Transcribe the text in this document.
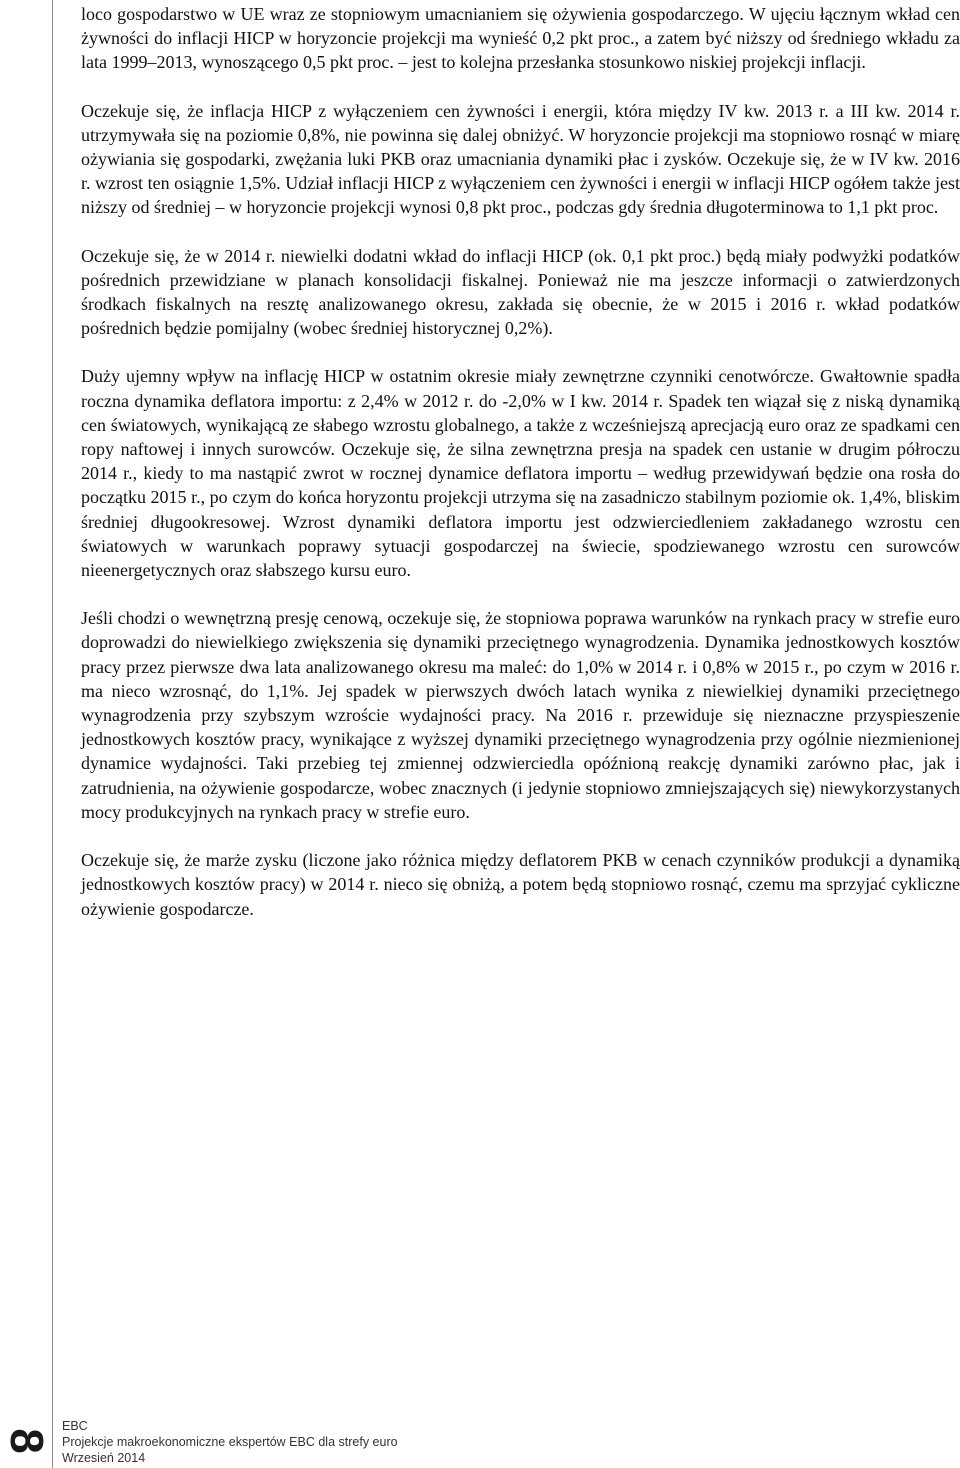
loco gospodarstwo w UE wraz ze stopniowym umacnianiem się ożywienia gospodarczego. W ujęciu łącznym wkład cen żywności do inflacji HICP w horyzoncie projekcji ma wynieść 0,2 pkt proc., a zatem być niższy od średniego wkładu za lata 1999–2013, wynoszącego 0,5 pkt proc. – jest to kolejna przesłanka stosunkowo niskiej projekcji inflacji.

Oczekuje się, że inflacja HICP z wyłączeniem cen żywności i energii, która między IV kw. 2013 r. a III kw. 2014 r. utrzymywała się na poziomie 0,8%, nie powinna się dalej obniżyć. W horyzoncie projekcji ma stopniowo rosnąć w miarę ożywiania się gospodarki, zwężania luki PKB oraz umacniania dynamiki płac i zysków. Oczekuje się, że w IV kw. 2016 r. wzrost ten osiągnie 1,5%. Udział inflacji HICP z wyłączeniem cen żywności i energii w inflacji HICP ogółem także jest niższy od średniej – w horyzoncie projekcji wynosi 0,8 pkt proc., podczas gdy średnia długoterminowa to 1,1 pkt proc.

Oczekuje się, że w 2014 r. niewielki dodatni wkład do inflacji HICP (ok. 0,1 pkt proc.) będą miały podwyżki podatków pośrednich przewidziane w planach konsolidacji fiskalnej. Ponieważ nie ma jeszcze informacji o zatwierdzonych środkach fiskalnych na resztę analizowanego okresu, zakłada się obecnie, że w 2015 i 2016 r. wkład podatków pośrednich będzie pomijalny (wobec średniej historycznej 0,2%).

Duży ujemny wpływ na inflację HICP w ostatnim okresie miały zewnętrzne czynniki cenotwórcze. Gwałtownie spadła roczna dynamika deflatora importu: z 2,4% w 2012 r. do -2,0% w I kw. 2014 r. Spadek ten wiązał się z niską dynamiką cen światowych, wynikającą ze słabego wzrostu globalnego, a także z wcześniejszą aprecjacją euro oraz ze spadkami cen ropy naftowej i innych surowców. Oczekuje się, że silna zewnętrzna presja na spadek cen ustanie w drugim półroczu 2014 r., kiedy to ma nastąpić zwrot w rocznej dynamice deflatora importu – według przewidywań będzie ona rosła do początku 2015 r., po czym do końca horyzontu projekcji utrzyma się na zasadniczo stabilnym poziomie ok. 1,4%, bliskim średniej długookresowej. Wzrost dynamiki deflatora importu jest odzwierciedleniem zakładanego wzrostu cen światowych w warunkach poprawy sytuacji gospodarczej na świecie, spodziewanego wzrostu cen surowców nieenergetycznych oraz słabszego kursu euro.

Jeśli chodzi o wewnętrzną presję cenową, oczekuje się, że stopniowa poprawa warunków na rynkach pracy w strefie euro doprowadzi do niewielkiego zwiększenia się dynamiki przeciętnego wynagrodzenia. Dynamika jednostkowych kosztów pracy przez pierwsze dwa lata analizowanego okresu ma maleć: do 1,0% w 2014 r. i 0,8% w 2015 r., po czym w 2016 r. ma nieco wzrosnąć, do 1,1%. Jej spadek w pierwszych dwóch latach wynika z niewielkiej dynamiki przeciętnego wynagrodzenia przy szybszym wzroście wydajności pracy. Na 2016 r. przewiduje się nieznaczne przyspieszenie jednostkowych kosztów pracy, wynikające z wyższej dynamiki przeciętnego wynagrodzenia przy ogólnie niezmienionej dynamice wydajności. Taki przebieg tej zmiennej odzwierciedla opóźnioną reakcję dynamiki zarówno płac, jak i zatrudnienia, na ożywienie gospodarcze, wobec znacznych (i jedynie stopniowo zmniejszających się) niewykorzystanych mocy produkcyjnych na rynkach pracy w strefie euro.

Oczekuje się, że marże zysku (liczone jako różnica między deflatorem PKB w cenach czynników produkcji a dynamiką jednostkowych kosztów pracy) w 2014 r. nieco się obniżą, a potem będą stopniowo rosnąć, czemu ma sprzyjać cykliczne ożywienie gospodarcze.

8
EBC
Projekcje makroekonomiczne ekspertów EBC dla strefy euro
Wrzesień 2014
